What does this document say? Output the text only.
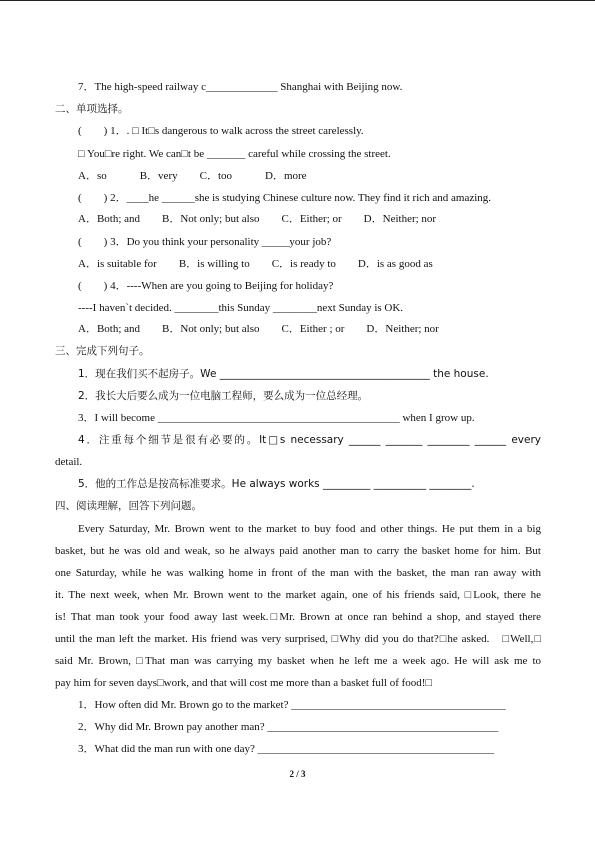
7．The high-speed railway c_____________ Shanghai with Beijing now.
二、单项选择。
(　　) 1．. □ It□s dangerous to walk across the street carelessly.
□ You□re right. We can□t be _______ careful while crossing the street.
A．so　　　B．very　　C．too　　　D．more
(　　) 2．____he ______she is studying Chinese culture now. They find it rich and amazing.
A．Both; and　　B．Not only; but also　　C．Either; or　　D．Neither; nor
(　　) 3．Do you think your personality _____your job?
A．is suitable for　　B．is willing to　　C．is ready to　　D．is as good as
(　　) 4．----When are you going to Beijing for holiday?
----I haven`t decided. ________this Sunday ________next Sunday is OK.
A．Both; and　　B．Not only; but also　　C．Either ; or　　D．Neither; nor
三、完成下列句子。
1．现在我们买不起房子。We ________________________________________ the house.
2．我长大后要么成为一位电脑工程师，要么成为一位总经理。
3．I will become ____________________________________________ when I grow up.
4．注重每个细节是很有必要的。It□s necessary ______ _______ ________ ______ every
detail.
5．他的工作总是按高标准要求。He always works _________ __________ ________.
四、阅读理解，回答下列问题。
Every Saturday, Mr. Brown went to the market to buy food and other things. He put them in a big
basket, but he was old and weak, so he always paid another man to carry the basket home for him. But
one Saturday, while he was walking home in front of the man with the basket, the man ran away with
it. The next week, when Mr. Brown went to the market again, one of his friends said, □Look, there he
is! That man took your food away last week.□Mr. Brown at once ran behind a shop, and stayed there
until the man left the market. His friend was very surprised, □Why did you do that?□he asked.　□Well,□
said Mr. Brown, □That man was carrying my basket when he left me a week ago. He will ask me to
pay him for seven days□work, and that will cost me more than a basket full of food!□
1．How often did Mr. Brown go to the market? _______________________________________
2．Why did Mr. Brown pay another man? __________________________________________
3．What did the man run with one day? ___________________________________________
2 / 3
